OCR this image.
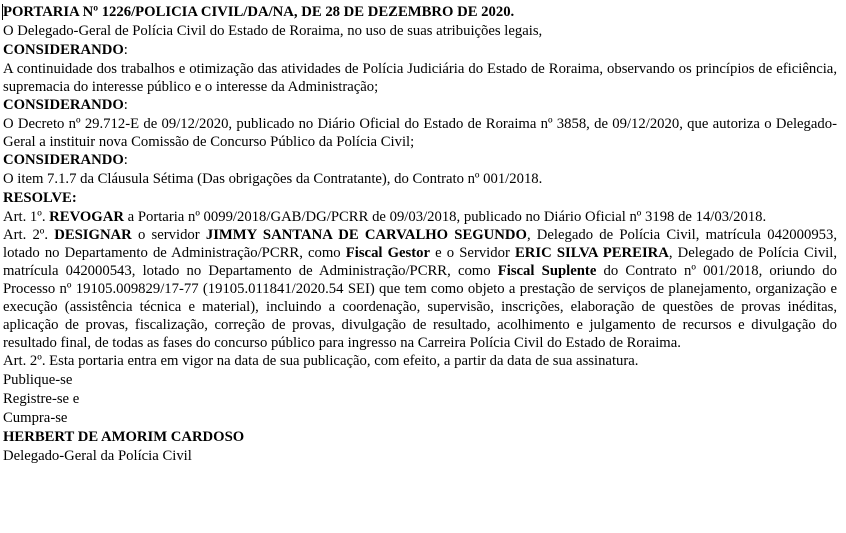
PORTARIA Nº 1226/POLICIA CIVIL/DA/NA, DE 28 DE DEZEMBRO DE 2020.

O Delegado-Geral de Polícia Civil do Estado de Roraima, no uso de suas atribuições legais,

CONSIDERANDO:

A continuidade dos trabalhos e otimização das atividades de Polícia Judiciária do Estado de Roraima, observando os princípios de eficiência, supremacia do interesse público e o interesse da Administração;

CONSIDERANDO:

O Decreto nº 29.712-E de 09/12/2020, publicado no Diário Oficial do Estado de Roraima nº 3858, de 09/12/2020, que autoriza o Delegado-Geral a instituir nova Comissão de Concurso Público da Polícia Civil;

CONSIDERANDO:

O item 7.1.7 da Cláusula Sétima (Das obrigações da Contratante), do Contrato nº 001/2018.

RESOLVE:

Art. 1º. REVOGAR a Portaria nº 0099/2018/GAB/DG/PCRR de 09/03/2018, publicado no Diário Oficial nº 3198 de 14/03/2018.

Art. 2º. DESIGNAR o servidor JIMMY SANTANA DE CARVALHO SEGUNDO, Delegado de Polícia Civil, matrícula 042000953, lotado no Departamento de Administração/PCRR, como Fiscal Gestor e o Servidor ERIC SILVA PEREIRA, Delegado de Polícia Civil, matrícula 042000543, lotado no Departamento de Administração/PCRR, como Fiscal Suplente do Contrato nº 001/2018, oriundo do Processo nº 19105.009829/17-77 (19105.011841/2020.54 SEI) que tem como objeto a prestação de serviços de planejamento, organização e execução (assistência técnica e material), incluindo a coordenação, supervisão, inscrições, elaboração de questões de provas inéditas, aplicação de provas, fiscalização, correção de provas, divulgação de resultado, acolhimento e julgamento de recursos e divulgação do resultado final, de todas as fases do concurso público para ingresso na Carreira Polícia Civil do Estado de Roraima.

Art. 2º. Esta portaria entra em vigor na data de sua publicação, com efeito, a partir da data de sua assinatura.

Publique-se

Registre-se e

Cumpra-se

HERBERT DE AMORIM CARDOSO

Delegado-Geral da Polícia Civil
